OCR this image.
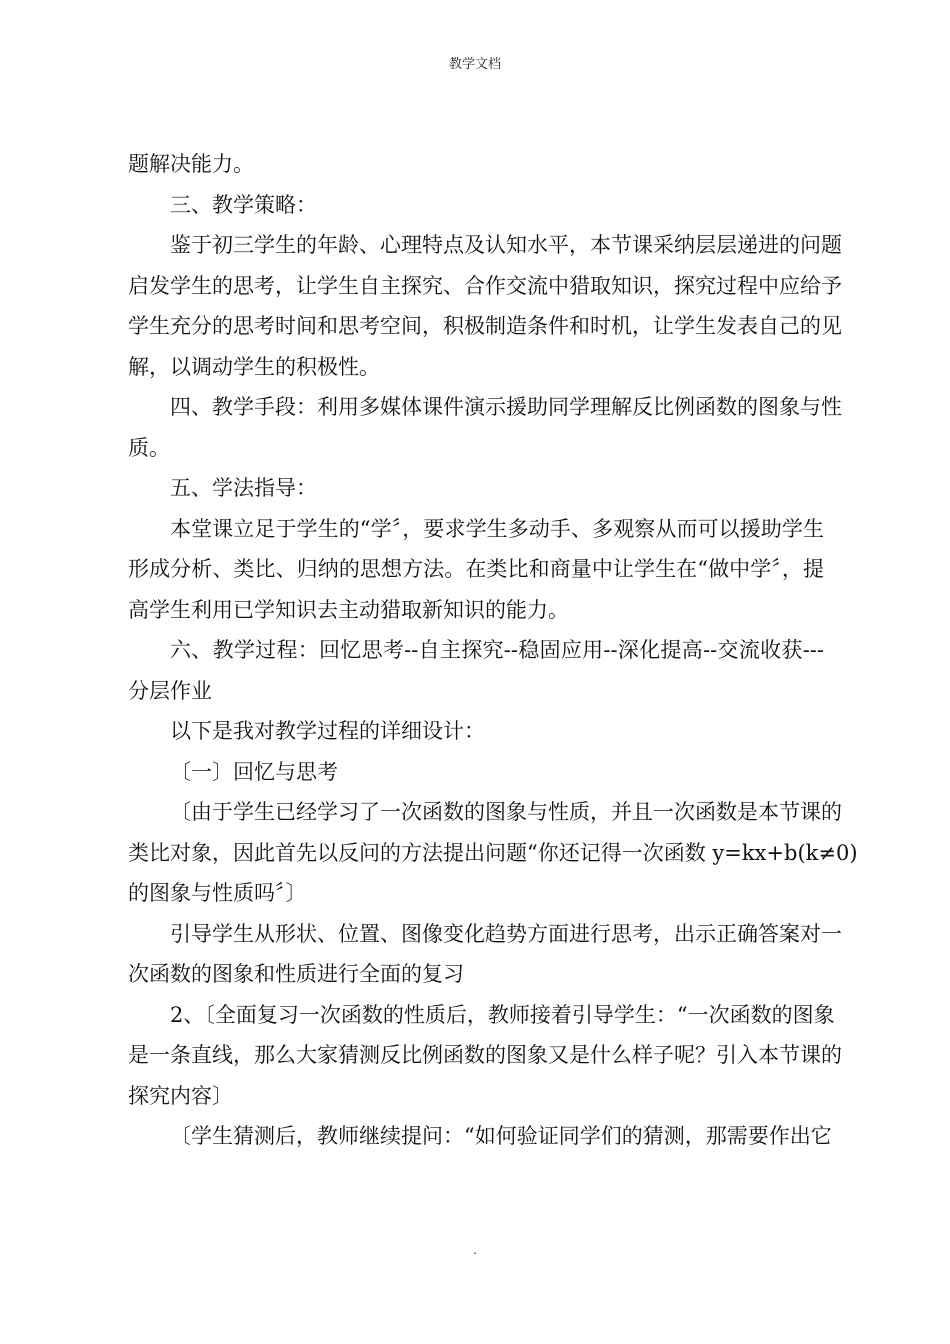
教学文档
题解决能力。
三、教学策略：
鉴于初三学生的年龄、心理特点及认知水平，本节课采纳层层递进的问题
启发学生的思考，让学生自主探究、合作交流中猎取知识，探究过程中应给予
学生充分的思考时间和思考空间，积极制造条件和时机，让学生发表自己的见
解，以调动学生的积极性。
四、教学手段：利用多媒体课件演示援助同学理解反比例函数的图象与性
质。
五、学法指导：
本堂课立足于学生的“学〞，要求学生多动手、多观察从而可以援助学生
形成分析、类比、归纳的思想方法。在类比和商量中让学生在“做中学〞，提
高学生利用已学知识去主动猎取新知识的能力。
六、教学过程：回忆思考--自主探究--稳固应用--深化提高--交流收获---
分层作业
以下是我对教学过程的详细设计：
〔一〕回忆与思考
〔由于学生已经学习了一次函数的图象与性质，并且一次函数是本节课的
类比对象，因此首先以反问的方法提出问题“你还记得一次函数 y=kx+b(k≠0)
的图象与性质吗〞〕
引导学生从形状、位置、图像变化趋势方面进行思考，出示正确答案对一
次函数的图象和性质进行全面的复习
2、〔全面复习一次函数的性质后，教师接着引导学生：“一次函数的图象
是一条直线，那么大家猜测反比例函数的图象又是什么样子呢？引入本节课的
探究内容〕
〔学生猜测后，教师继续提问：“如何验证同学们的猜测，那需要作出它
.
